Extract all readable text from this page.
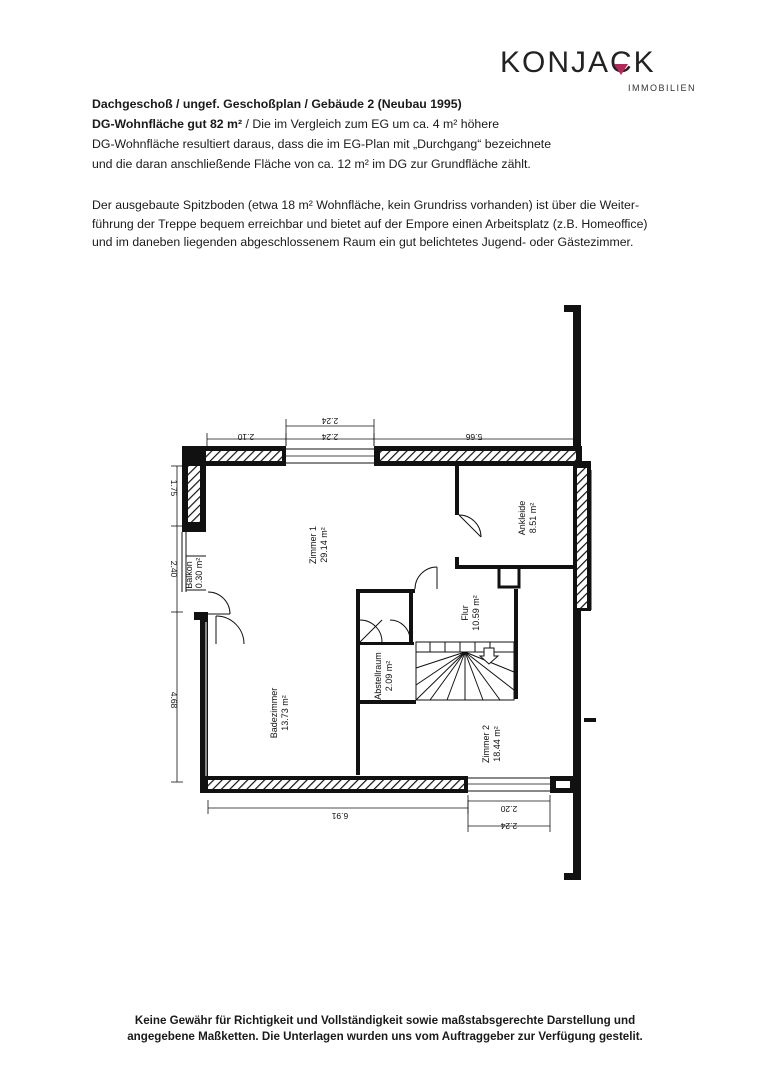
KONJACK
IMMOBILIEN
Dachgeschoß / ungef. Geschoßplan / Gebäude 2 (Neubau 1995)
DG-Wohnfläche gut 82 m² / Die im Vergleich zum EG um ca. 4 m² höhere
DG-Wohnfläche resultiert daraus, dass die im EG-Plan mit „Durchgang“ bezeichnete
und die daran anschließende Fläche von ca. 12 m² im DG zur Grundfläche zählt.
Der ausgebaute Spitzboden (etwa 18 m² Wohnfläche, kein Grundriss vorhanden) ist über die Weiter-
führung der Treppe bequem erreichbar und bietet auf der Empore einen Arbeitsplatz (z.B. Homeoffice)
und im daneben liegenden abgeschlossenem Raum ein gut belichtetes Jugend- oder Gästezimmer.
2.24
2.10	2.24	5.66
1.75
2.40
4.68
6.91
2.20
2.24
Zimmer 1 29.14 m²
Ankleide 8.51 m²
Balkon 0.30 m²
Flur 10.59 m²
Abstellraum 2.09 m²
Badezimmer 13.73 m²
Zimmer 2 18.44 m²
Keine Gewähr für Richtigkeit und Vollständigkeit sowie maßstabsgerechte Darstellung und
angegebene Maßketten. Die Unterlagen wurden uns vom Auftraggeber zur Verfügung gestelit.
